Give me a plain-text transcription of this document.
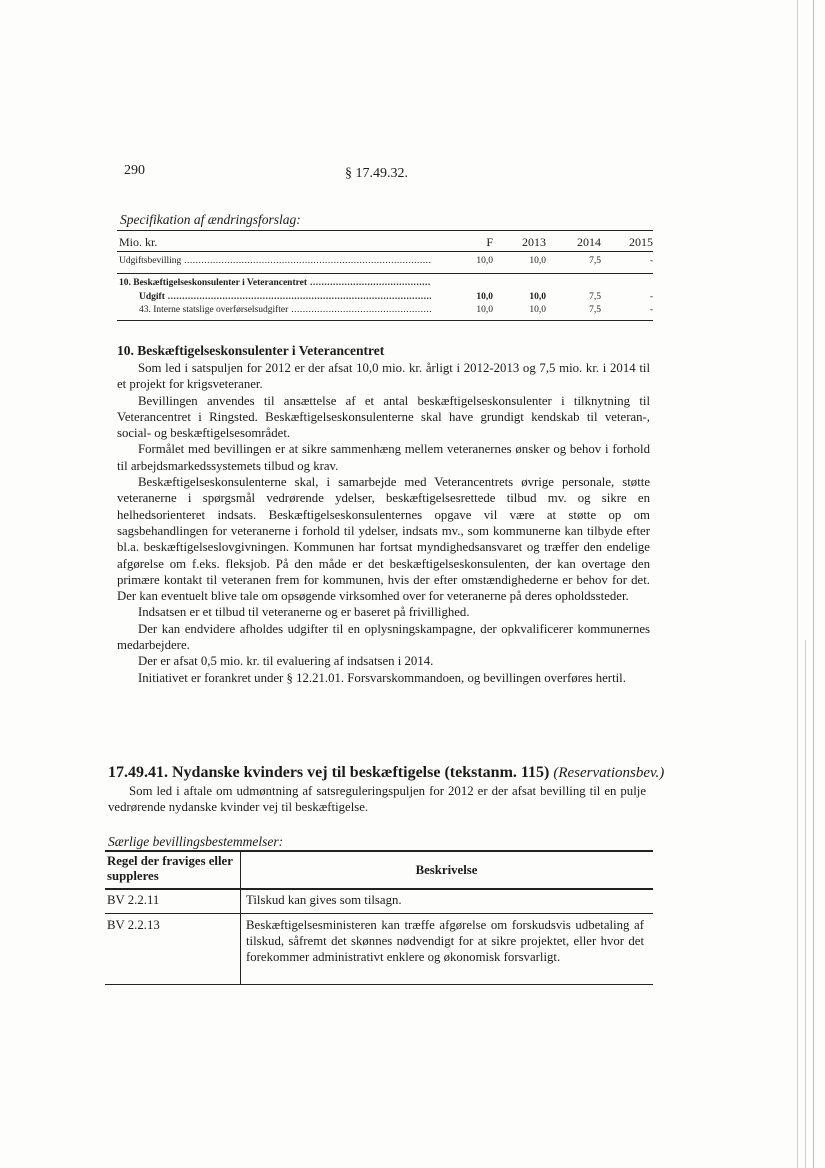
290	§ 17.49.32.
Specifikation af ændringsforslag:
Mio. kr.	F	2013	2014	2015
Udgiftsbevilling .....	10,0	10,0	7,5	-
10. Beskæftigelseskonsulenter i Veterancentret .....
Udgift .....	10,0	10,0	7,5	-
43. Interne statslige overførselsudgifter .....	10,0	10,0	7,5	-
10. Beskæftigelseskonsulenter i Veterancentret

Som led i satspuljen for 2012 er der afsat 10,0 mio. kr. årligt i 2012-2013 og 7,5 mio. kr. i 2014 til et projekt for krigsveteraner.

Bevillingen anvendes til ansættelse af et antal beskæftigelseskonsulenter i tilknytning til Veterancentret i Ringsted. Beskæftigelseskonsulenterne skal have grundigt kendskab til veteran-, social- og beskæftigelsesområdet.

Formålet med bevillingen er at sikre sammenhæng mellem veteranernes ønsker og behov i forhold til arbejdsmarkedssystemets tilbud og krav.

Beskæftigelseskonsulenterne skal, i samarbejde med Veterancentrets øvrige personale, støtte veteranerne i spørgsmål vedrørende ydelser, beskæftigelsesrettede tilbud mv. og sikre en helhedsorienteret indsats. Beskæftigelseskonsulenternes opgave vil være at støtte op om sagsbehandlingen for veteranerne i forhold til ydelser, indsats mv., som kommunerne kan tilbyde efter bl.a. beskæftigelseslovgivningen. Kommunen har fortsat myndighedsansvaret og træffer den endelige afgørelse om f.eks. fleksjob. På den måde er det beskæftigelseskonsulenten, der kan overtage den primære kontakt til veteranen frem for kommunen, hvis der efter omstændighederne er behov for det. Der kan eventuelt blive tale om opsøgende virksomhed over for veteranerne på deres opholdssteder.

Indsatsen er et tilbud til veteranerne og er baseret på frivillighed.

Der kan endvidere afholdes udgifter til en oplysningskampagne, der opkvalificerer kommunernes medarbejdere.

Der er afsat 0,5 mio. kr. til evaluering af indsatsen i 2014.

Initiativet er forankret under § 12.21.01. Forsvarskommandoen, og bevillingen overføres hertil.

17.49.41. Nydanske kvinders vej til beskæftigelse (tekstanm. 115) (Reservationsbev.)

Som led i aftale om udmøntning af satsreguleringspuljen for 2012 er der afsat bevilling til en pulje vedrørende nydanske kvinder vej til beskæftigelse.

Særlige bevillingsbestemmelser:
Regel der fraviges eller suppleres	Beskrivelse
BV 2.2.11	Tilskud kan gives som tilsagn.
BV 2.2.13	Beskæftigelsesministeren kan træffe afgørelse om forskudsvis udbetaling af tilskud, såfremt det skønnes nødvendigt for at sikre projektet, eller hvor det forekommer administrativt enklere og økonomisk forsvarligt.
